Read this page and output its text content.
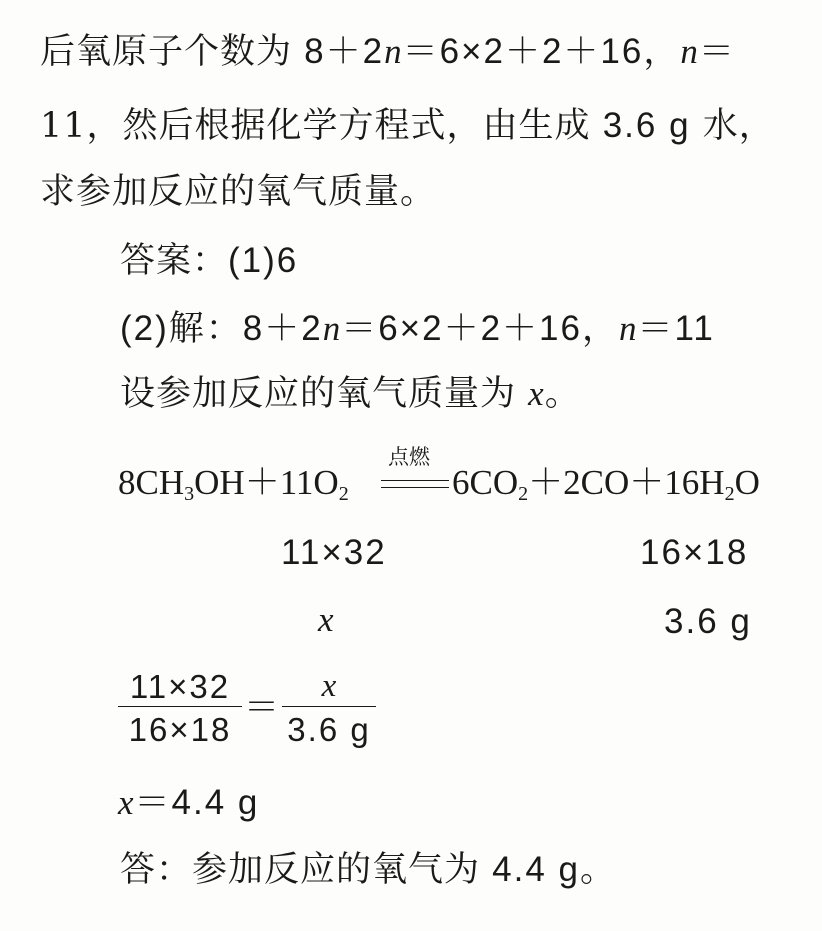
后氧原子个数为 8＋2n＝6×2＋2＋16，n＝
11，然后根据化学方程式，由生成 3.6 g 水，
求参加反应的氧气质量。
答案：(1)6
(2)解：8＋2n＝6×2＋2＋16，n＝11
设参加反应的氧气质量为 x。
点燃
$8CH_3OH+11O_2$	$6CO_2+2CO+16H_2O$
11×32	16×18
x	3.6 g
11×32
16×18
＝
x
3.6 g
x＝4.4 g
答：参加反应的氧气为 4.4 g。
